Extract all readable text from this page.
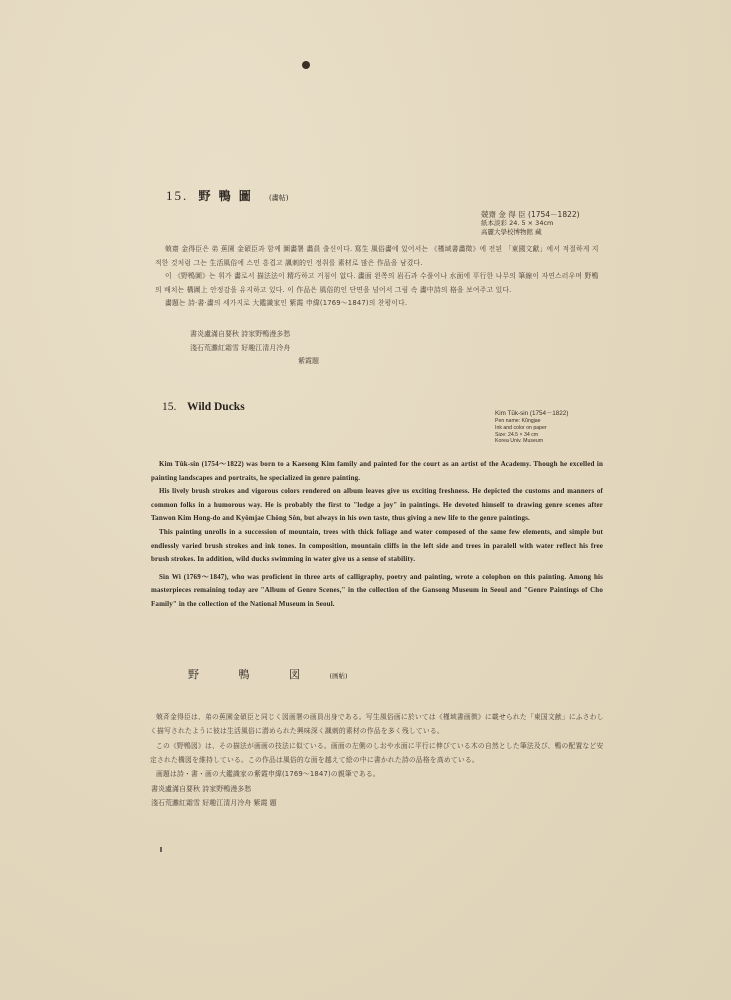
15. 野 鴨 圖 (畵帖)
兢齋 金 得 臣 (1754－1822)
紙本淡彩 24. 5 × 34cm
高麗大學校博物館 藏

兢齋 金得臣은 弟 蕉園 金碩臣과 함께 圖畵署 畵員 출신이다. 寫生 風俗畵에 있어서는 《槿域書畵徵》에 전된 「東國文獻」에서 적절하게 지적한 것처럼 그는 生活風俗에 스민 흥겹고 諷刺的인 정취를 素材로 많은 作品을 남겼다.

이 《野鴨圖》는 휘가 畵로서 描法法이 精巧하고 거침이 없다. 畵面 왼쪽의 岩石과 수풀이나 水面에 平行한 나무의 筆線이 자연스러우며 野鴨의 배치는 構圖上 안정감을 유지하고 있다. 이 作品은 風俗的인 단면을 넘어서 그림 속 畵中詩의 格을 보여주고 있다.

畵題는 詩·書·畵의 세가지로 大鑑識家인 紫霞 申緯(1769～1847)의 찬평이다.

書炎盧滿自要秋 詩家野鴨漫多愁
淺石荒灘紅霜雪 好趣江清月冷舟
紫霞題
15. Wild Ducks
Kim Tŭk-sin (1754－1822)
Pen name: Kŭngjae
Ink and color on paper
Size: 24.5 × 34 cm
Korea Univ. Museum

Kim Tŭk-sin (1754～1822) was born to a Kaesong Kim family and painted for the court as an artist of the Academy. Though he excelled in painting landscapes and portraits, he specialized in genre painting.

His lively brush strokes and vigorous colors rendered on album leaves give us exciting freshness. He depicted the customs and manners of common folks in a humorous way. He is probably the first to "lodge a joy" in paintings. He devoted himself to drawing genre scenes after Tanwon Kim Hong-do and Kyŏmjae Chŏng Sŏn, but always in his own taste, thus giving a new life to the genre paintings.

This painting unrolls in a succession of mountain, trees with thick foliage and water composed of the same few elements, and simple but endlessly varied brush strokes and ink tones. In composition, mountain cliffs in the left side and trees in paralell with water reflect his free brush strokes. In addition, wild ducks swimming in water give us a sense of stability.

Sin Wi (1769～1847), who was proficient in three arts of calligraphy, poetry and painting, wrote a colophon on this painting. Among his masterpieces remaining today are "Album of Genre Scenes," in the collection of the Gansong Museum in Seoul and "Genre Paintings of Cho Family" in the collection of the National Museum in Seoul.

野 鴨 図 (画帖)

兢斉金得臣は、弟の蕉園金碩臣と同じく図画署の画員出身である。写生風俗画に於いては《槿域書画徴》に載せられた「東国文献」にふさわしく描写されたように彼は生活風俗に潜められた興味深く諷刺的素材の作品を多く残している。

この《野鴨図》は、その描法が画画の技法に似ている。画面の左側のしおや水面に平行に伸びている木の自然とした筆法及び、鴨の配置など安定された構図を維持している。この作品は風俗的な面を越えて絵の中に書かれた詩の品格を高めている。

画題は詩・書・画の大鑑識家の紫霞申緯(1769～1847)の親筆である。

書炎盧滿自要秋 詩家野鴨漫多愁
淺石荒灘紅霜雪 好趣江清月冷舟 紫霞 題
